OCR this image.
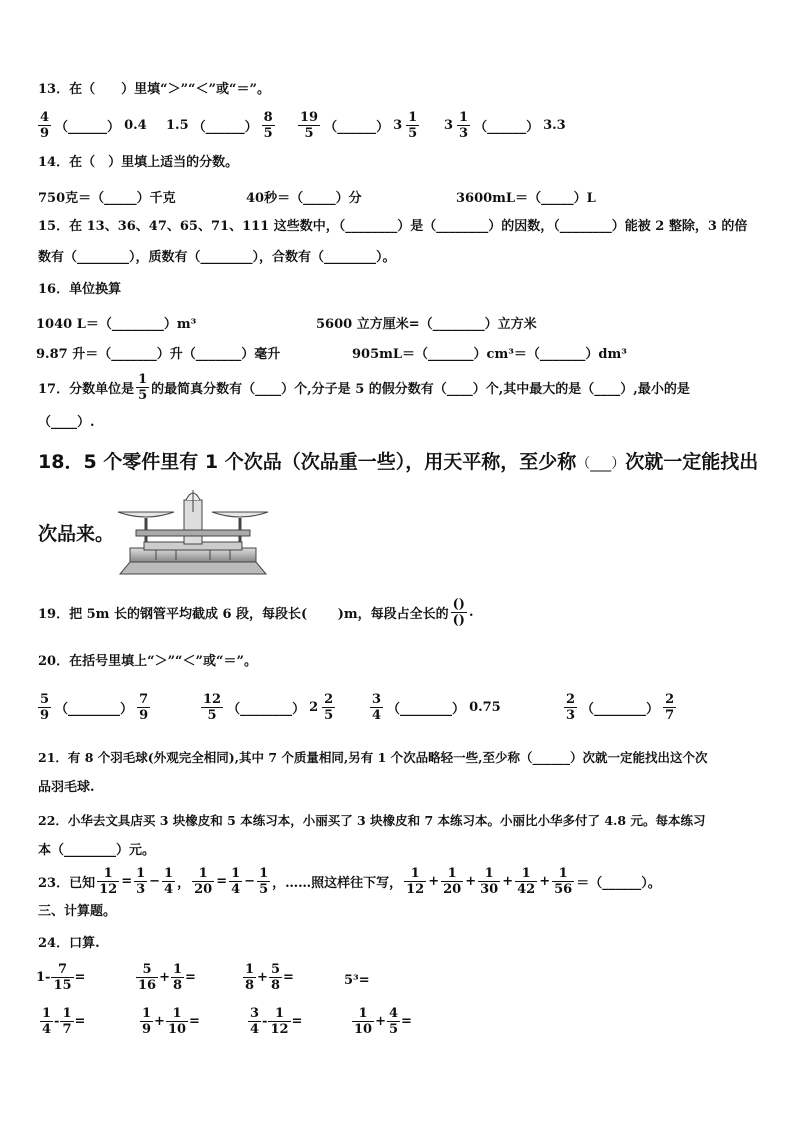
13．在（　　）里填“＞”“＜”或“＝”。
4
9 （______） 0.4 1.5 （______）
8
5
19
5 （______） 3
1
5
3
1
3 （______） 3.3
14．在（　）里填上适当的分数。
750克＝（_____）千克	40秒＝（_____）分	3600mL＝（_____）L
15．在 13、36、47、65、71、111 这些数中，（________）是（________）的因数，（________）能被 2 整除，3 的倍
数有（________），质数有（________），合数有（________）。
16．单位换算
1040 L＝（________）m³	5600 立方厘米=（________）立方米
9.87 升＝（_______）升（_______）毫升	905mL＝（_______）cm³＝（_______）dm³
17．分数单位是
1
5 的最简真分数有（____）个,分子是 5 的假分数有（____）个,其中最大的是（____）,最小的是
（____）.
18．5 个零件里有 1 个次品（次品重一些），用天平称，至少称（___）次就一定能找出
次品来。
19．把 5m 长的钢管平均截成 6 段，每段长(　　 )m，每段占全长的
()
()
.
20．在括号里填上“＞”“＜”或“＝”。
5
9 （________）
7
9
12
5 （________） 2
2
5
3
4 （________） 0.75
2
3 （________）
2
7
21．有 8 个羽毛球(外观完全相同),其中 7 个质量相同,另有 1 个次品略轻一些,至少称（______）次就一定能找出这个次
品羽毛球.
22．小华去文具店买 3 块橡皮和 5 本练习本，小丽买了 3 块橡皮和 7 本练习本。小丽比小华多付了 4.8 元。每本练习
本（________）元。
23．已知 $\frac{1}{12} = \frac{1}{3} - \frac{1}{4}$ ， $\frac{1}{20} = \frac{1}{4} - \frac{1}{5}$ ，……照这样往下写，
1
12
+ $\frac{1}{20} + \frac{1}{30} + \frac{1}{42} + \frac{1}{56}$ ＝（______）。
三、计算题。
24．口算.
$1- \frac{7}{15}$ =
5
16
+ $\frac{1}{8}$ =
1
8
+ $\frac{5}{8}$ =	5³=
1
4
- $\frac{1}{7}$ =
1
9
+ $\frac{1}{10}$ =
3
4
- $\frac{1}{12}$ =
1
10
+ $\frac{4}{5}$ =
